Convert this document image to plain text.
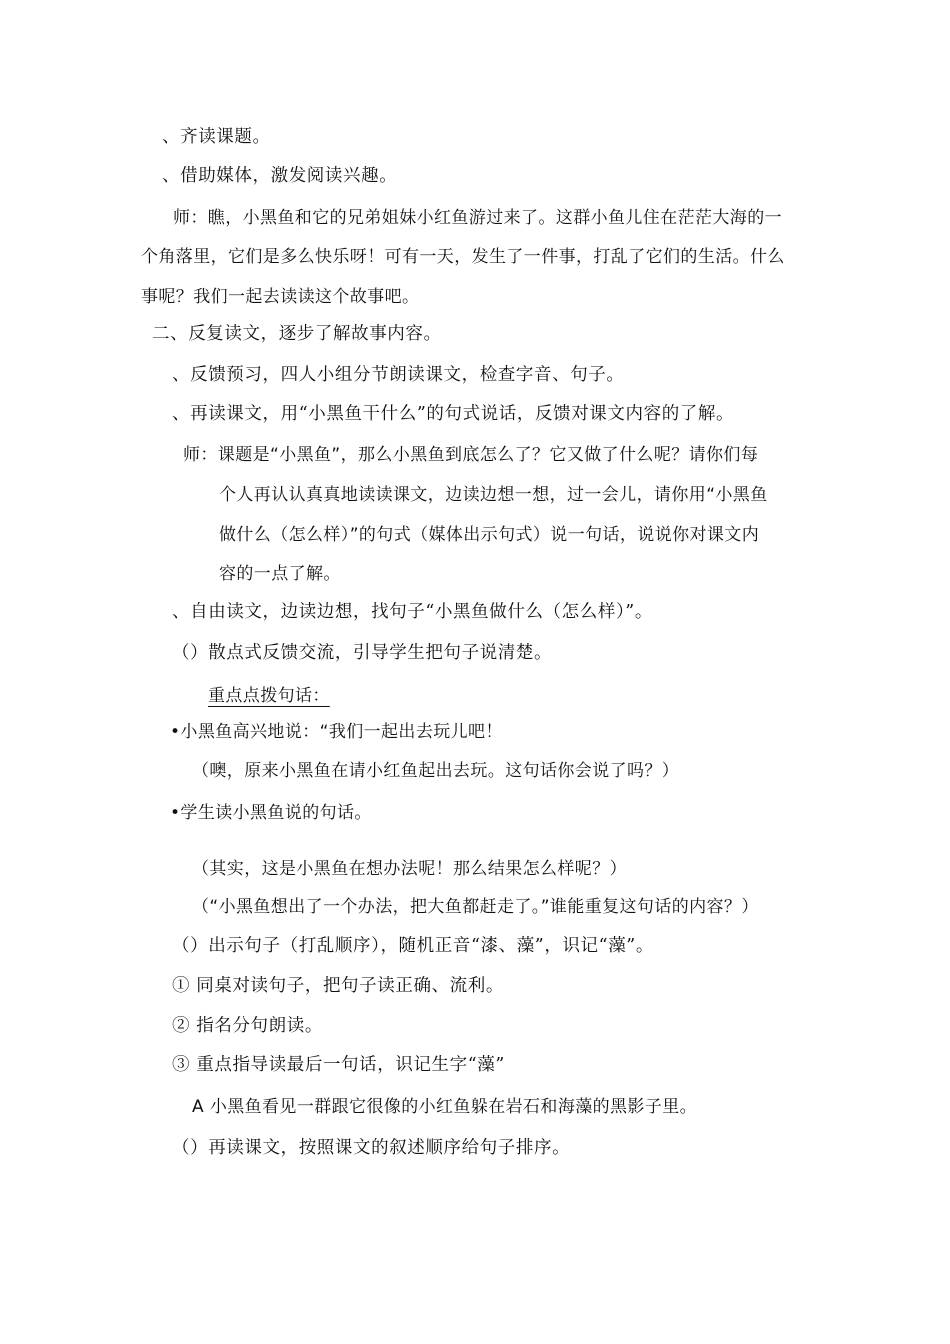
、齐读课题。
、借助媒体，激发阅读兴趣。
师：瞧，小黑鱼和它的兄弟姐妹小红鱼游过来了。这群小鱼儿住在茫茫大海的一
个角落里，它们是多么快乐呀！可有一天，发生了一件事，打乱了它们的生活。什么
事呢？我们一起去读读这个故事吧。
二、反复读文，逐步了解故事内容。
、反馈预习，四人小组分节朗读课文，检查字音、句子。
、再读课文，用“小黑鱼干什么”的句式说话，反馈对课文内容的了解。
师：课题是“小黑鱼”，那么小黑鱼到底怎么了？它又做了什么呢？请你们每
个人再认认真真地读读课文，边读边想一想，过一会儿，请你用“小黑鱼
做什么（怎么样）”的句式（媒体出示句式）说一句话，说说你对课文内
容的一点了解。
、自由读文，边读边想，找句子“小黑鱼做什么（怎么样）”。
（）散点式反馈交流，引导学生把句子说清楚。
重点点拨句话：
•小黑鱼高兴地说：“我们一起出去玩儿吧！
（噢，原来小黑鱼在请小红鱼起出去玩。这句话你会说了吗？）
•学生读小黑鱼说的句话。
（其实，这是小黑鱼在想办法呢！那么结果怎么样呢？）
（“小黑鱼想出了一个办法，把大鱼都赶走了。”谁能重复这句话的内容？）
（）出示句子（打乱顺序），随机正音“漆、藻”，识记“藻”。
① 同桌对读句子，把句子读正确、流利。
② 指名分句朗读。
③ 重点指导读最后一句话，识记生字“藻”
A 小黑鱼看见一群跟它很像的小红鱼躲在岩石和海藻的黑影子里。
（）再读课文，按照课文的叙述顺序给句子排序。
